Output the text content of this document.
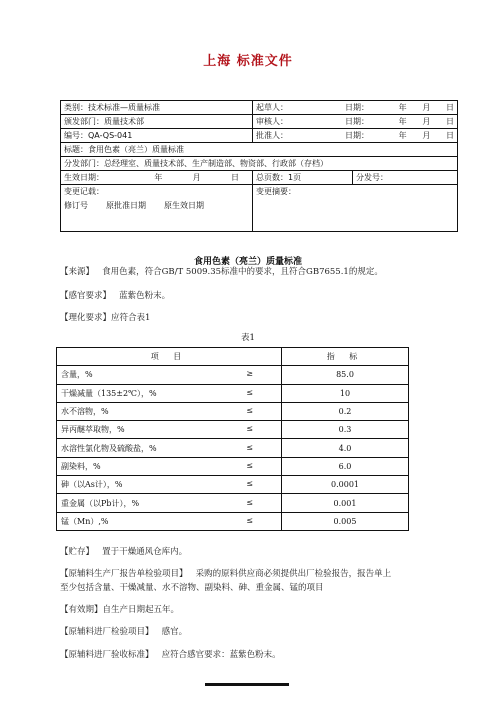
上海 标准文件
类别：技术标准—质量标准	起草人：	日期：	年 月 日
颁发部门：质量技术部	审核人：	日期：	年 月 日
编号：QA-QS-041	批准人：	日期：	年 月 日
标题：食用色素（亮兰）质量标准
分发部门：总经理室、质量技术部、生产制造部、物资部、行政部（存档）
生效日期：	年	月	日	总页数：1页	分发号：
变更记载：
修订号 原批准日期 原生效日期
变更摘要：
食用色素（亮兰）质量标准
【来源】 食用色素，符合GB/T 5009.35标准中的要求，且符合GB7655.1的规定。
【感官要求】 蓝紫色粉末。
【理化要求】应符合表1
表1
项 目	指 标

含量，% ≥	85.0

干燥减量（135±2℃），% ≤	10

水不溶物，% ≤	0.2

异丙醚萃取物，% ≤	0.3

水溶性氯化物及硫酸盐，% ≤	4.0

副染料，% ≤	6.0

砷（以As计），% ≤	0.0001

重金属（以Pb计），% ≤	0.001

锰（Mn）,% ≤	0.005
【贮存】 置于干燥通风仓库内。
【原辅料生产厂报告单检验项目】 采购的原料供应商必须提供出厂检验报告，报告单上
至少包括含量、干燥减量、水不溶物、副染料、砷、重金属、锰的项目
【有效期】自生产日期起五年。
【原辅料进厂检验项目】 感官。
【原辅料进厂验收标准】 应符合感官要求：蓝紫色粉末。
